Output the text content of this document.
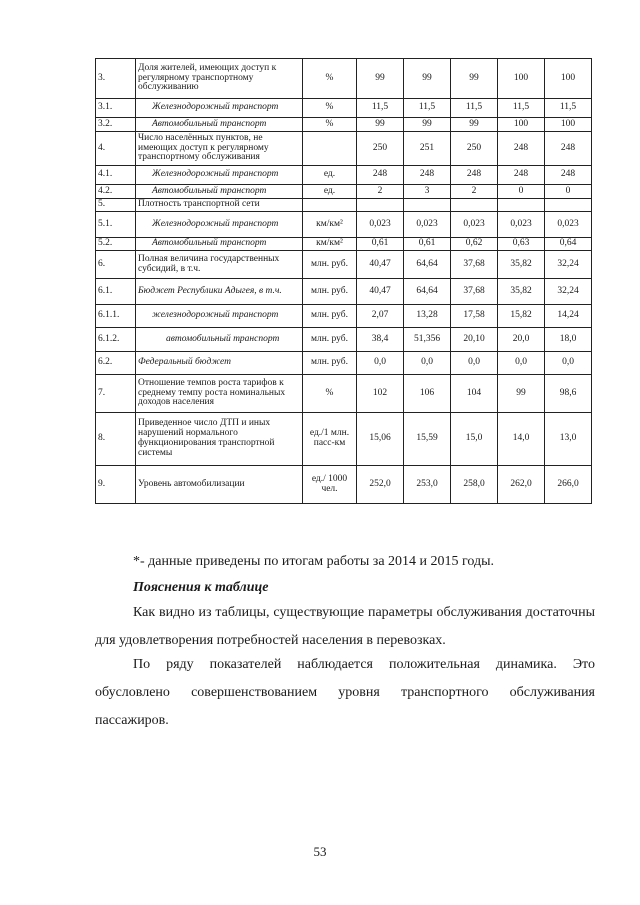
3.	Доля жителей, имеющих доступ к регулярному транспортному обслуживанию	%	99	99	99	100	100
3.1.	Железнодорожный транспорт	%	11,5	11,5	11,5	11,5	11,5
3.2.	Автомобильный транспорт	%	99	99	99	100	100
4.	Число населённых пунктов, не имеющих доступ к регулярному транспортному обслуживания		250	251	250	248	248
4.1.	Железнодорожный транспорт	ед.	248	248	248	248	248
4.2.	Автомобильный транспорт	ед.	2	3	2	0	0
5.	Плотность транспортной сети						
5.1.	Железнодорожный транспорт	км/км²	0,023	0,023	0,023	0,023	0,023
5.2.	Автомобильный транспорт	км/км²	0,61	0,61	0,62	0,63	0,64
6.	Полная величина государственных субсидий, в т.ч.	млн. руб.	40,47	64,64	37,68	35,82	32,24
6.1.	Бюджет Республики Адыгея, в т.ч.	млн. руб.	40,47	64,64	37,68	35,82	32,24
6.1.1.	железнодорожный транспорт	млн. руб.	2,07	13,28	17,58	15,82	14,24
6.1.2.	автомобильный транспорт	млн. руб.	38,4	51,356	20,10	20,0	18,0
6.2.	Федеральный бюджет	млн. руб.	0,0	0,0	0,0	0,0	0,0
7.	Отношение темпов роста тарифов к среднему темпу роста номинальных доходов населения	%	102	106	104	99	98,6
8.	Приведенное число ДТП и иных нарушений нормального функционирования транспортной системы	ед./1 млн. пасс-км	15,06	15,59	15,0	14,0	13,0
9.	Уровень автомобилизации	ед./ 1000 чел.	252,0	253,0	258,0	262,0	266,0
*- данные приведены по итогам работы за 2014 и 2015 годы.
Пояснения к таблице
Как видно из таблицы, существующие параметры обслуживания достаточны для удовлетворения потребностей населения в перевозках.
По ряду показателей наблюдается положительная динамика. Это обусловлено совершенствованием уровня транспортного обслуживания пассажиров.
53
